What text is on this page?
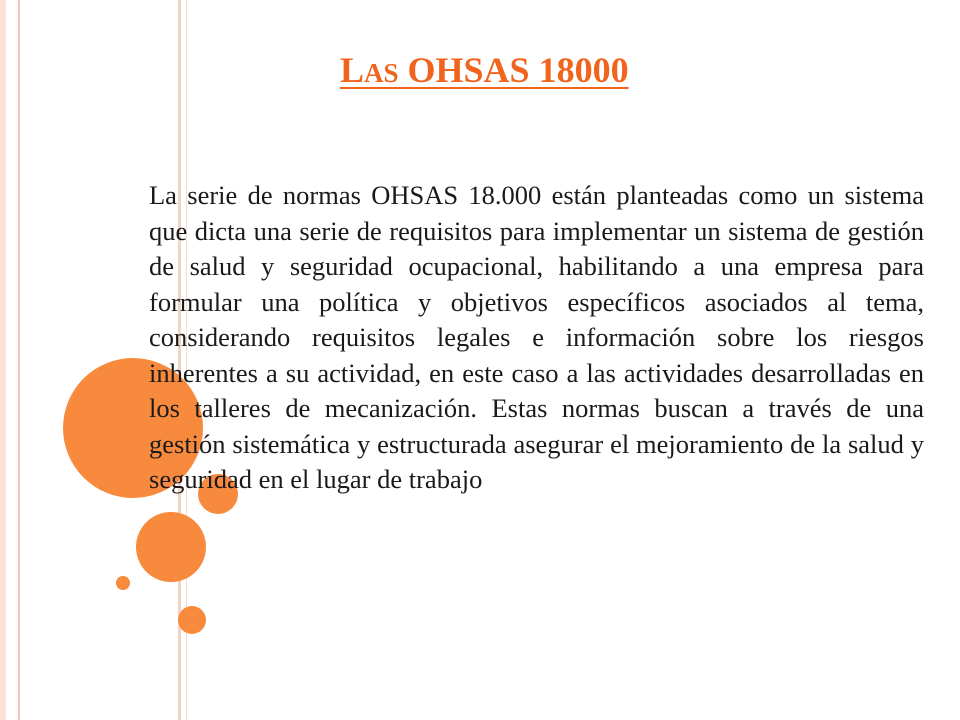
LAS OHSAS 18000
La serie de normas OHSAS 18.000 están planteadas como un sistema que dicta una serie de requisitos para implementar un sistema de gestión de salud y seguridad ocupacional, habilitando a una empresa para formular una política y objetivos específicos asociados al tema, considerando requisitos legales e información sobre los riesgos inherentes a su actividad, en este caso a las actividades desarrolladas en los talleres de mecanización. Estas normas buscan a través de una gestión sistemática y estructurada asegurar el mejoramiento de la salud y seguridad en el lugar de trabajo
